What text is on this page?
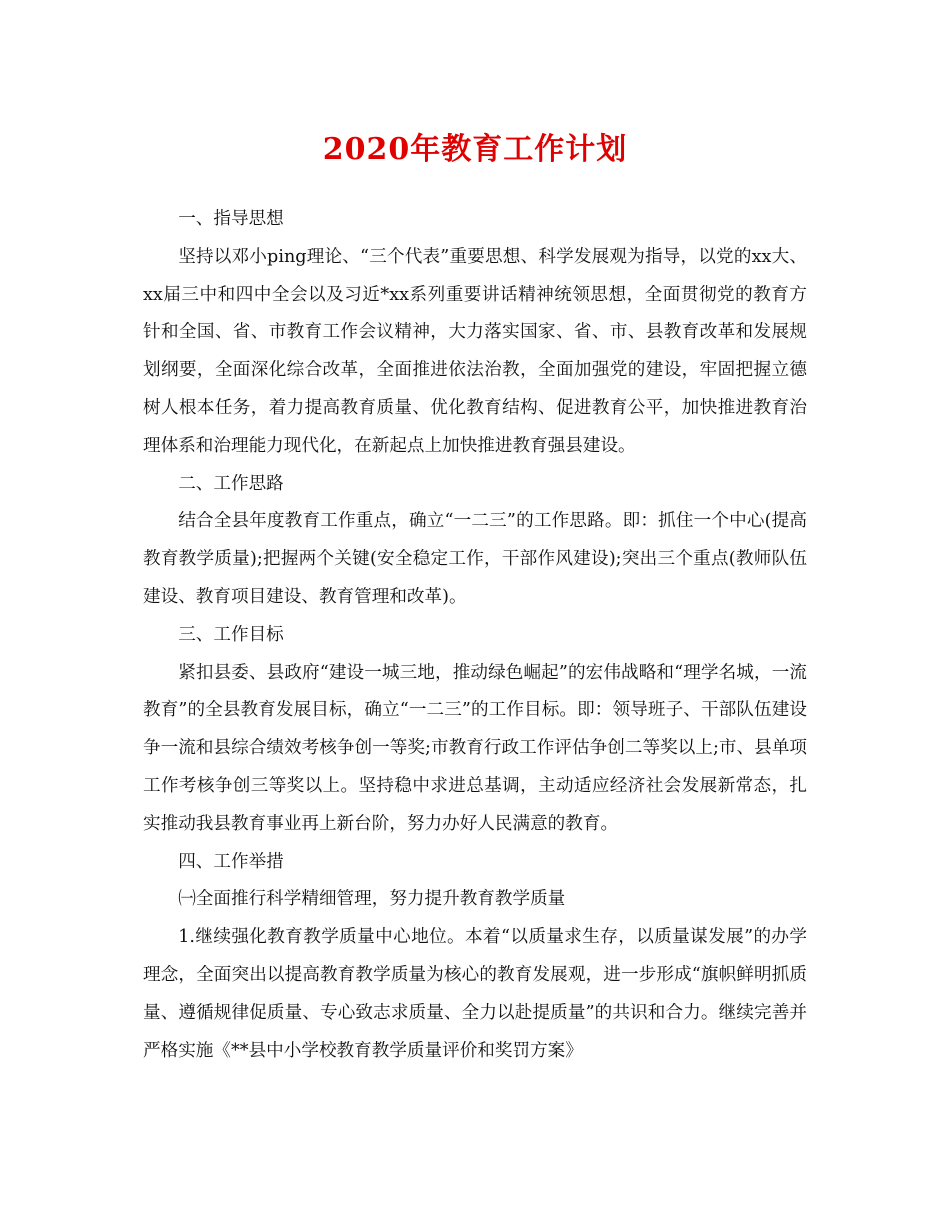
2020年教育工作计划

一、指导思想

坚持以邓小ping理论、“三个代表”重要思想、科学发展观为指导，以党的xx大、xx届三中和四中全会以及习近*xx系列重要讲话精神统领思想，全面贯彻党的教育方针和全国、省、市教育工作会议精神，大力落实国家、省、市、县教育改革和发展规划纲要，全面深化综合改革，全面推进依法治教，全面加强党的建设，牢固把握立德树人根本任务，着力提高教育质量、优化教育结构、促进教育公平，加快推进教育治理体系和治理能力现代化，在新起点上加快推进教育强县建设。

二、工作思路

结合全县年度教育工作重点，确立“一二三”的工作思路。即：抓住一个中心(提高教育教学质量);把握两个关键(安全稳定工作，干部作风建设);突出三个重点(教师队伍建设、教育项目建设、教育管理和改革)。

三、工作目标

紧扣县委、县政府“建设一城三地，推动绿色崛起”的宏伟战略和“理学名城，一流教育”的全县教育发展目标，确立“一二三”的工作目标。即：领导班子、干部队伍建设争一流和县综合绩效考核争创一等奖;市教育行政工作评估争创二等奖以上;市、县单项工作考核争创三等奖以上。坚持稳中求进总基调，主动适应经济社会发展新常态，扎实推动我县教育事业再上新台阶，努力办好人民满意的教育。

四、工作举措

㈠全面推行科学精细管理，努力提升教育教学质量

1.继续强化教育教学质量中心地位。本着“以质量求生存，以质量谋发展”的办学理念，全面突出以提高教育教学质量为核心的教育发展观，进一步形成“旗帜鲜明抓质量、遵循规律促质量、专心致志求质量、全力以赴提质量”的共识和合力。继续完善并严格实施《**县中小学校教育教学质量评价和奖罚方案》
